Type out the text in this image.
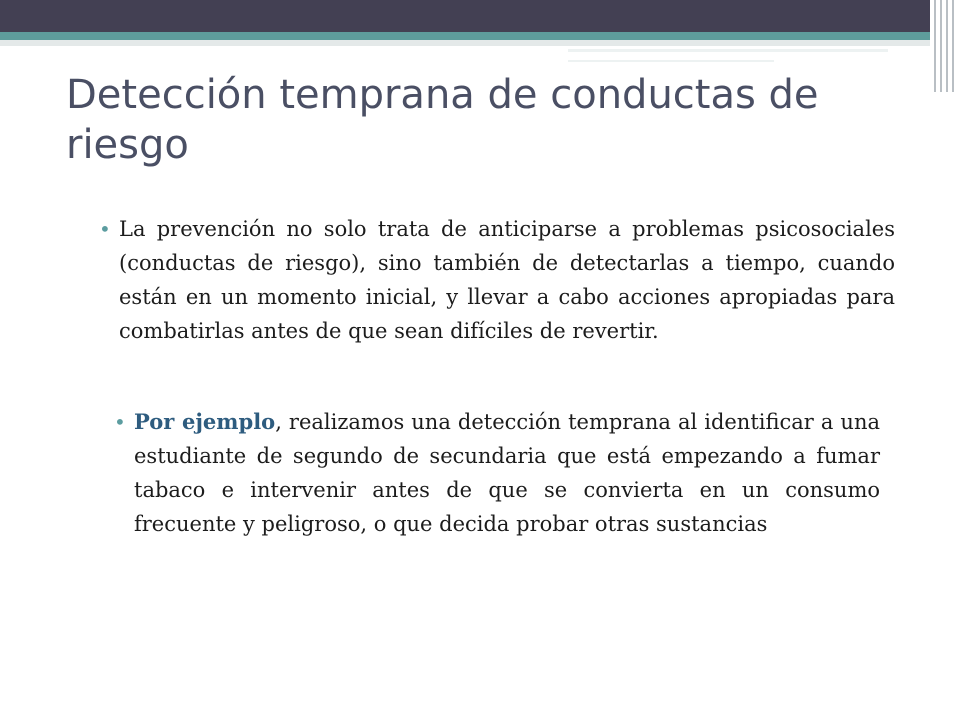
Detección temprana de conductas de riesgo
• La prevención no solo trata de anticiparse a problemas psicosociales (conductas de riesgo), sino también de detectarlas a tiempo, cuando están en un momento inicial, y llevar a cabo acciones apropiadas para combatirlas antes de que sean difíciles de revertir.
• Por ejemplo, realizamos una detección temprana al identificar a una estudiante de segundo de secundaria que está empezando a fumar tabaco e intervenir antes de que se convierta en un consumo frecuente y peligroso, o que decida probar otras sustancias
